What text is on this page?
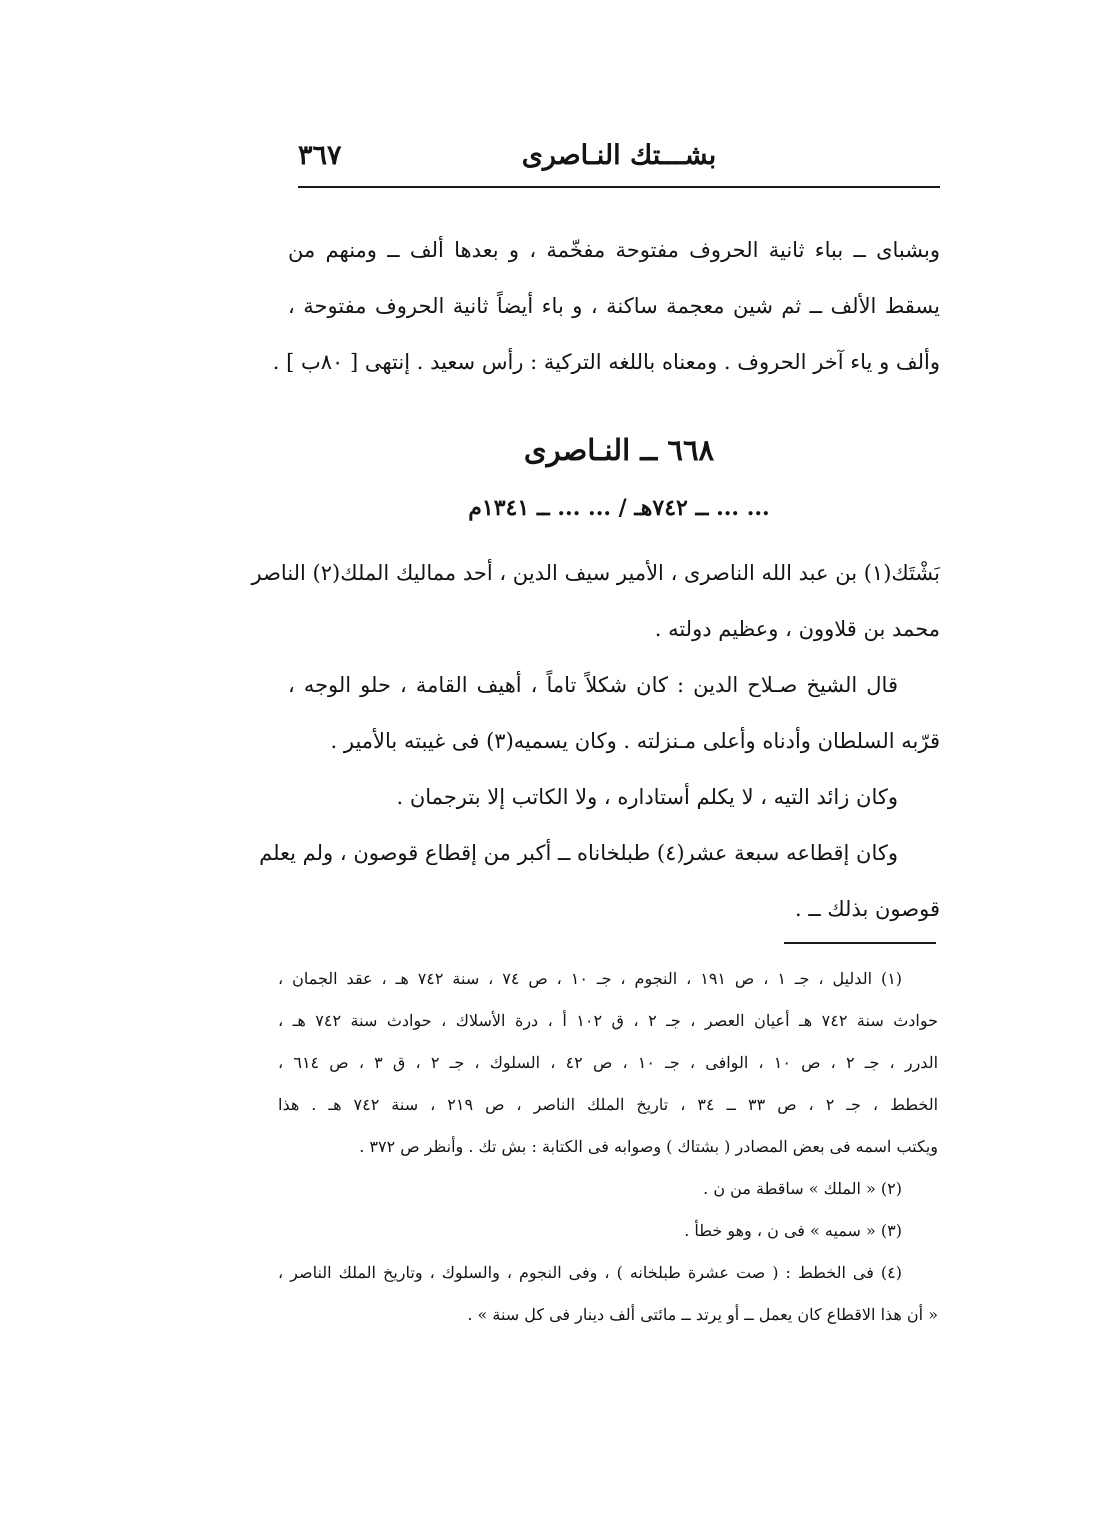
بشـــتك النـاصرى
٣٦٧
وبشباى ــ بباء ثانية الحروف مفتوحة مفخّمة ، و بعدها ألف ــ ومنهم من
يسقط الألف ــ ثم شين معجمة ساكنة ، و باء أيضاً ثانية الحروف مفتوحة ،
وألف و ياء آخر الحروف . ومعناه باللغه التركية : رأس سعيد . إنتهى [ ٨٠ب ] .
٦٦٨ ــ النـاصرى
... ... ــ ٧٤٢هـ / ... ... ــ ١٣٤١م
بَشْتَك(١) بن عبد الله الناصرى ، الأمير سيف الدين ، أحد مماليك الملك(٢) الناصر
محمد بن قلاوون ، وعظيم دولته .
قال الشيخ صـلاح الدين : كان شكلاً تاماً ، أهيف القامة ، حلو الوجه ،
قرّبه السلطان وأدناه وأعلى مـنزلته . وكان يسميه(٣) فى غيبته بالأمير .
وكان زائد التيه ، لا يكلم أستاداره ، ولا الكاتب إلا بترجمان .
وكان إقطاعه سبعة عشر(٤) طبلخاناه ــ أكبر من إقطاع قوصون ، ولم يعلم
قوصون بذلك ــ .
(١) الدليل ، جـ ١ ، ص ١٩١ ، النجوم ، جـ ١٠ ، ص ٧٤ ، سنة ٧٤٢ هـ ، عقد الجمان ،
حوادث سنة ٧٤٢ هـ أعيان العصر ، جـ ٢ ، ق ١٠٢ أ ، درة الأسلاك ، حوادث سنة ٧٤٢ هـ ،
الدرر ، جـ ٢ ، ص ١٠ ، الوافى ، جـ ١٠ ، ص ٤٢ ، السلوك ، جـ ٢ ، ق ٣ ، ص ٦١٤ ،
الخطط ، جـ ٢ ، ص ٣٣ ــ ٣٤ ، تاريخ الملك الناصر ، ص ٢١٩ ، سنة ٧٤٢ هـ . هذا
ويكتب اسمه فى بعض المصادر ( بشتاك ) وصوابه فى الكتابة : بش تك . وأنظر ص ٣٧٢ .
(٢) « الملك » ساقطة من ن .
(٣) « سميه » فى ن ، وهو خطأ .
(٤) فى الخطط : ( صت عشرة طبلخانه ) ، وفى النجوم ، والسلوك ، وتاريخ الملك الناصر ،
« أن هذا الاقطاع كان يعمل ــ أو يرتد ــ مائتى ألف دينار فى كل سنة » .
